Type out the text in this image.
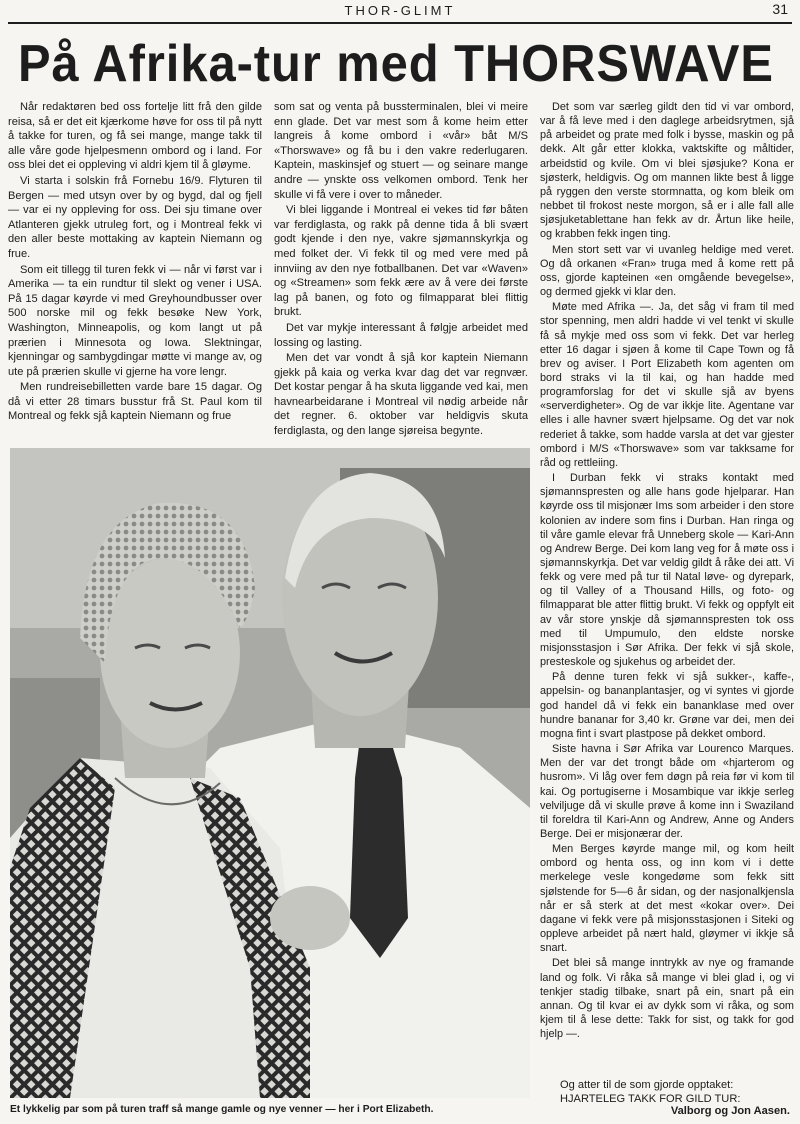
THOR-GLIMT	31
På Afrika-tur med THORSWAVE

Når redaktøren bed oss fortelje litt frå den gilde reisa, så er det eit kjærkome høve for oss til på nytt å takke for turen, og få sei mange, mange takk til alle våre gode hjelpesmenn ombord og i land. For oss blei det ei oppleving vi aldri kjem til å gløyme.

Vi starta i solskin frå Fornebu 16/9. Flyturen til Bergen — med utsyn over by og bygd, dal og fjell — var ei ny oppleving for oss. Dei sju timane over Atlanteren gjekk utruleg fort, og i Montreal fekk vi den aller beste mottaking av kaptein Niemann og frue.

Som eit tillegg til turen fekk vi — når vi først var i Amerika — ta ein rundtur til slekt og vener i USA. På 15 dagar køyrde vi med Greyhoundbusser over 500 norske mil og fekk besøke New York, Washington, Minneapolis, og kom langt ut på prærien i Minnesota og Iowa. Slektningar, kjenningar og sambygdingar møtte vi mange av, og ute på prærien skulle vi gjerne ha vore lengr.

Men rundreisebilletten varde bare 15 dagar. Og då vi etter 28 timars busstur frå St. Paul kom til Montreal og fekk sjå kaptein Niemann og frue

som sat og venta på bussterminalen, blei vi meire enn glade. Det var mest som å kome heim etter langreis å kome ombord i «vår» båt M/S «Thorswave» og få bu i den vakre rederlugaren. Kaptein, maskinsjef og stuert — og seinare mange andre — ynskte oss velkomen ombord. Tenk her skulle vi få vere i over to måneder.

Vi blei liggande i Montreal ei vekes tid før båten var ferdiglasta, og rakk på denne tida å bli svært godt kjende i den nye, vakre sjømannskyrkja og med folket der. Vi fekk til og med vere med på innviing av den nye fotballbanen. Det var «Waven» og «Streamen» som fekk ære av å vere dei første lag på banen, og foto og filmapparat blei flittig brukt.

Det var mykje interessant å følgje arbeidet med lossing og lasting.

Men det var vondt å sjå kor kaptein Niemann gjekk på kaia og verka kvar dag det var regnvær. Det kostar pengar å ha skuta liggande ved kai, men havnearbeidarane i Montreal vil nødig arbeide når det regner. 6. oktober var heldigvis skuta ferdiglasta, og den lange sjøreisa begynte.

Det som var særleg gildt den tid vi var ombord, var å få leve med i den daglege arbeidsrytmen, sjå på arbeidet og prate med folk i bysse, maskin og på dekk. Alt går etter klokka, vaktskifte og måltider, arbeidstid og kvile. Om vi blei sjøsjuke? Kona er sjøsterk, heldigvis. Og om mannen likte best å ligge på ryggen den verste stormnatta, og kom bleik om nebbet til frokost neste morgon, så er i alle fall alle sjøsjuketablettane han fekk av dr. Årtun like heile, og krabben fekk ingen ting.

Men stort sett var vi uvanleg heldige med veret. Og då orkanen «Fran» truga med å kome rett på oss, gjorde kapteinen «en omgående bevegelse», og dermed gjekk vi klar den.

Møte med Afrika —. Ja, det såg vi fram til med stor spenning, men aldri hadde vi vel tenkt vi skulle få så mykje med oss som vi fekk. Det var herleg etter 16 dagar i sjøen å kome til Cape Town og få brev og aviser. I Port Elizabeth kom agenten om bord straks vi la til kai, og han hadde med programforslag for det vi skulle sjå av byens «serverdigheter». Og de var ikkje lite. Agentane var elles i alle havner svært hjelpsame. Og det var nok rederiet å takke, som hadde varsla at det var gjester ombord i M/S «Thorswave» som var takksame for råd og rettleiing.

I Durban fekk vi straks kontakt med sjømannspresten og alle hans gode hjelparar. Han køyrde oss til misjonær Ims som arbeider i den store kolonien av indere som fins i Durban. Han ringa og til våre gamle elevar frå Unneberg skole — Kari-Ann og Andrew Berge. Dei kom lang veg for å møte oss i sjømannskyrkja. Det var veldig gildt å råke dei att. Vi fekk og vere med på tur til Natal løve- og dyrepark, og til Valley of a Thousand Hills, og foto- og filmapparat ble atter flittig brukt. Vi fekk og oppfylt eit av vår store ynskje då sjømannspresten tok oss med til Umpumulo, den eldste norske misjonsstasjon i Sør Afrika. Der fekk vi sjå skole, presteskole og sjukehus og arbeidet der.

På denne turen fekk vi sjå sukker-, kaffe-, appelsin- og bananplantasjer, og vi syntes vi gjorde god handel då vi fekk ein bananklase med over hundre bananar for 3,40 kr. Grøne var dei, men dei mogna fint i svart plastpose på dekket ombord.

Siste havna i Sør Afrika var Lourenco Marques. Men der var det trongt både om «hjarterom og husrom». Vi låg over fem døgn på reia før vi kom til kai. Og portugiserne i Mosambique var ikkje serleg velviljuge då vi skulle prøve å kome inn i Swaziland til foreldra til Kari-Ann og Andrew, Anne og Anders Berge. Dei er misjonærar der.

Men Berges køyrde mange mil, og kom heilt ombord og henta oss, og inn kom vi i dette merkelege vesle kongedøme som fekk sitt sjølstende for 5—6 år sidan, og der nasjonalkjensla når er så sterk at det mest «kokar over». Dei dagane vi fekk vere på misjonsstasjonen i Siteki og oppleve arbeidet på nært hald, gløymer vi ikkje så snart.

Det blei så mange inntrykk av nye og framande land og folk. Vi råka så mange vi blei glad i, og vi tenkjer stadig tilbake, snart på ein, snart på ein annan. Og til kvar ei av dykk som vi råka, og som kjem til å lese dette: Takk for sist, og takk for god hjelp —.

Et lykkelig par som på turen traff så mange gamle og nye venner — her i Port Elizabeth.
Og atter til de som gjorde opptaket:
HJARTELEG TAKK FOR GILD TUR:
Valborg og Jon Aasen.
